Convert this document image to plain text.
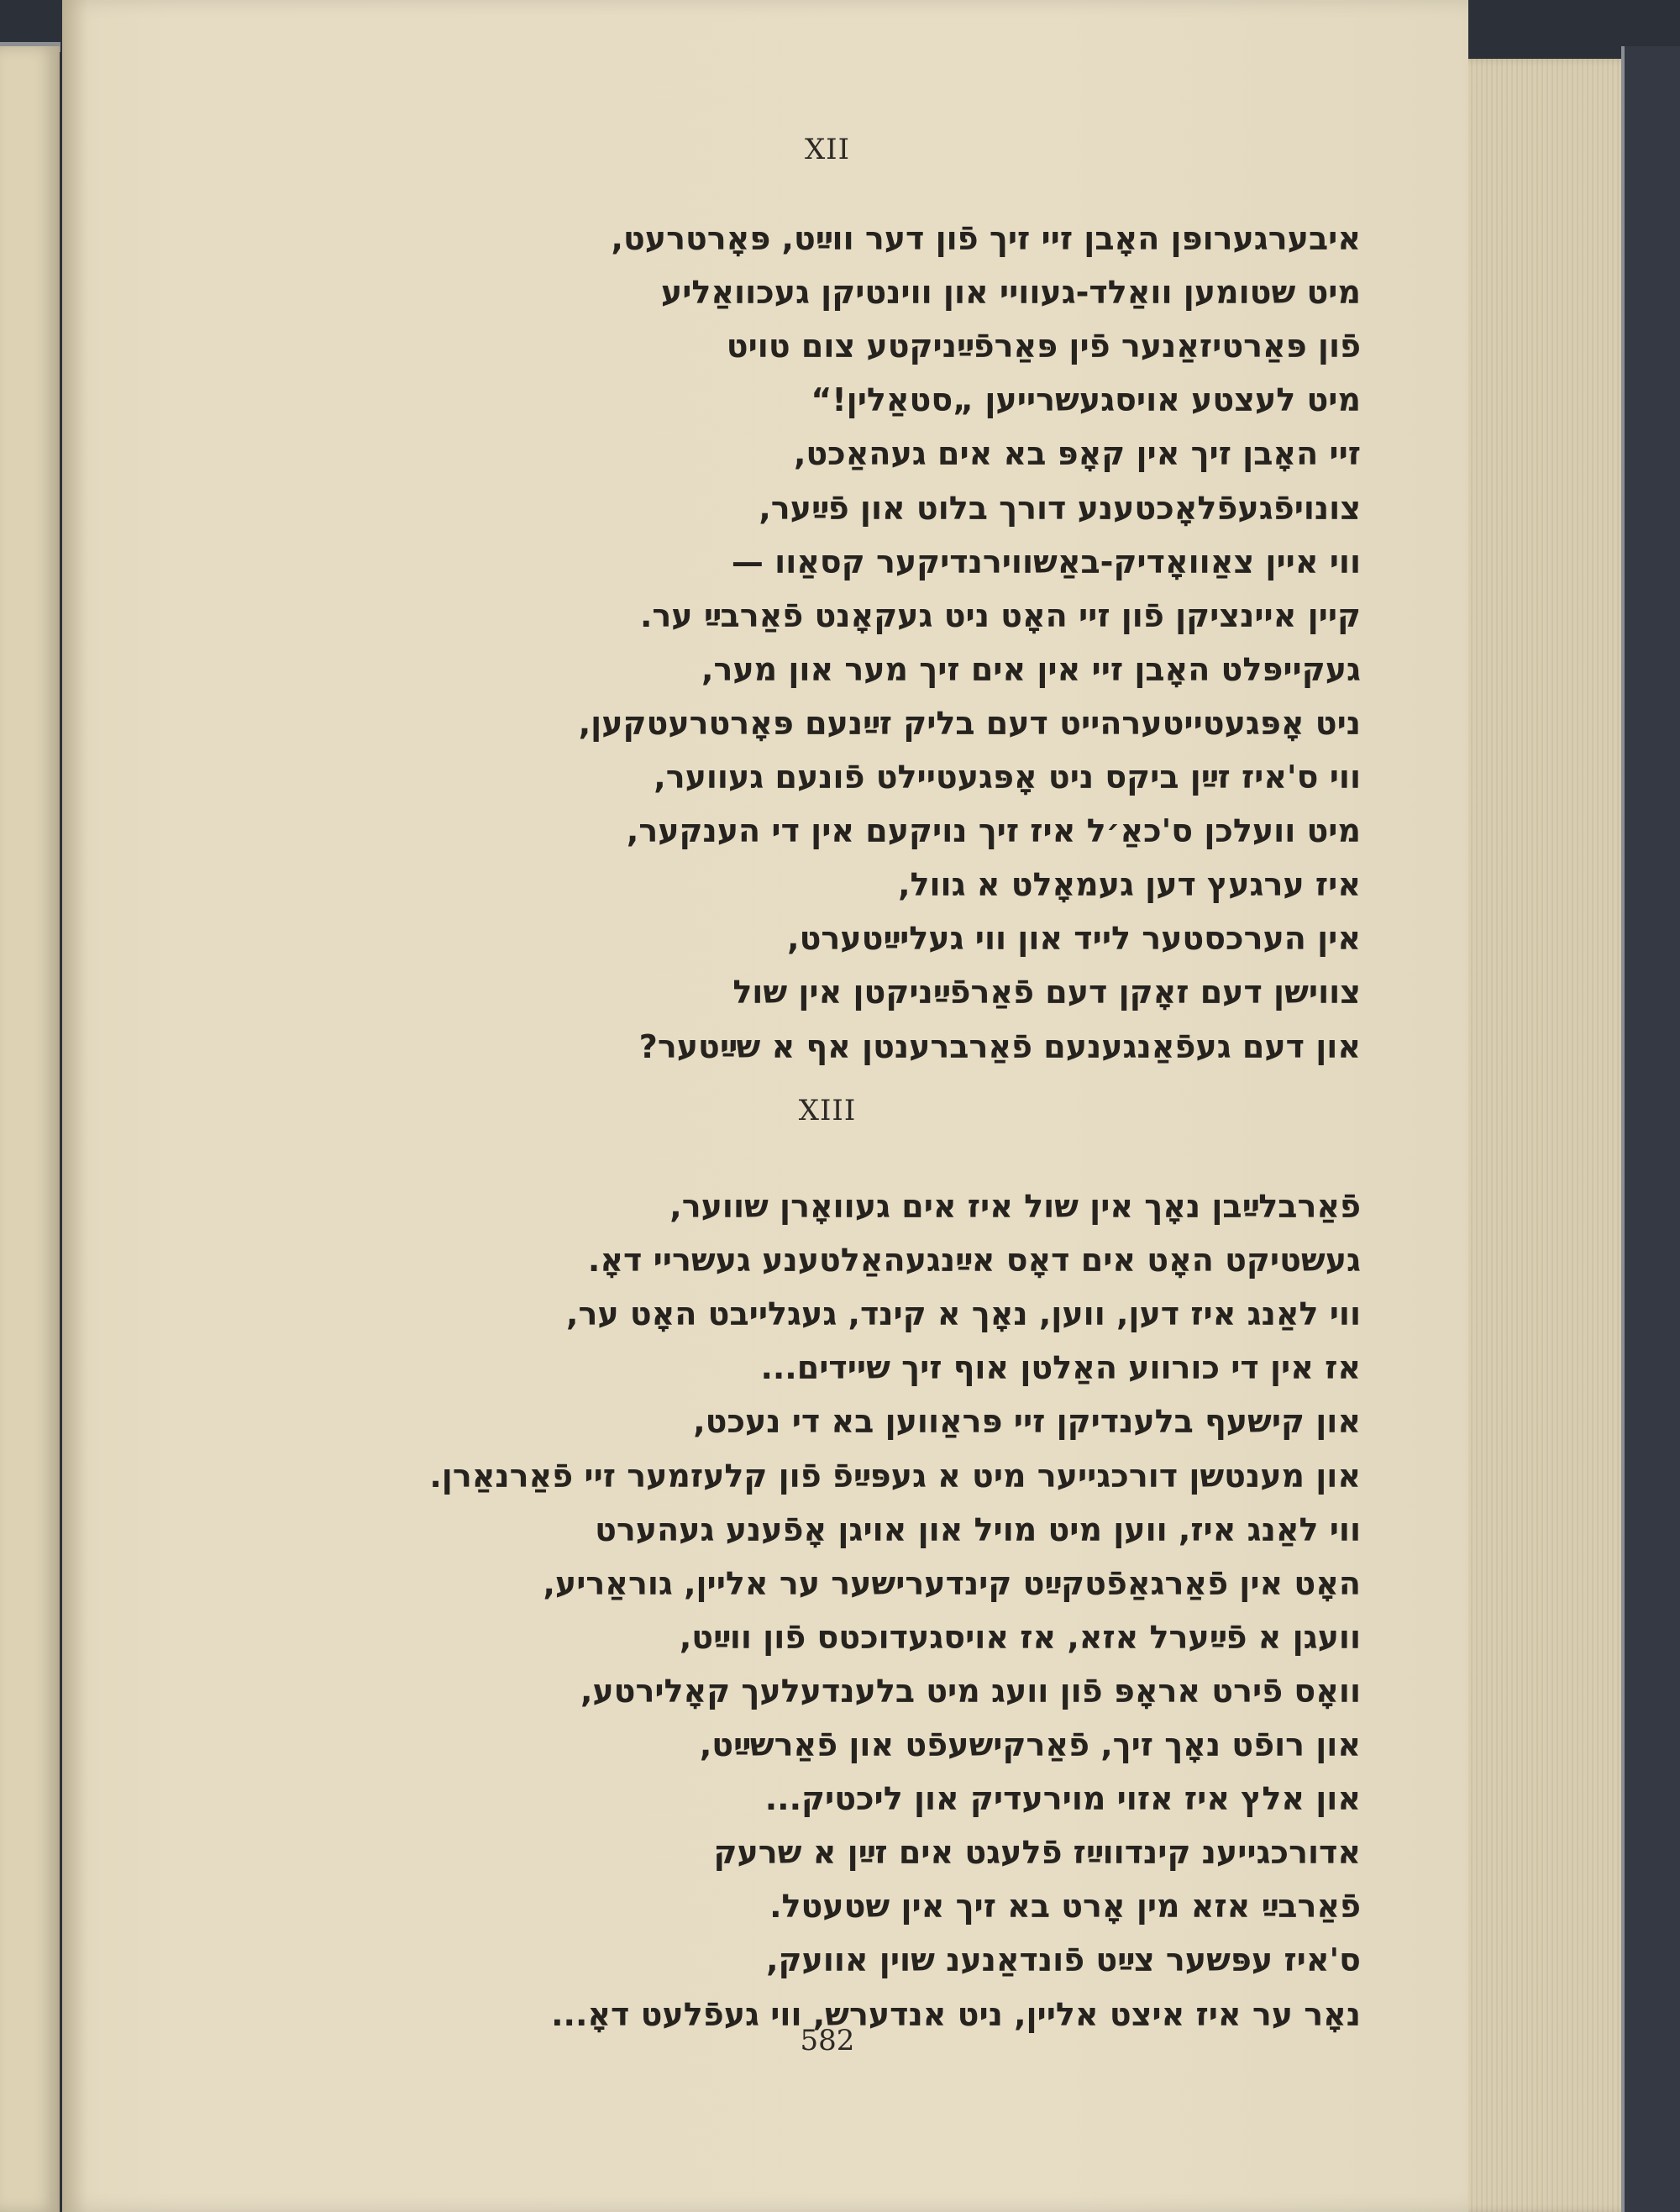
XII
איבערגערופּן האָבן זיי זיך פֿון דער ווײַט, פּאָרטרעט,
מיט שטומען וואַלד-געוויי און ווינטיקן געכוואַליע
פֿון פּאַרטיזאַנער פֿין פּאַרפֿײַניקטע צום טויט
מיט לעצטע אויסגעשרייען „סטאַלין!“
זיי האָבן זיך אין קאָפּ בא אים געהאַכט,
צונויפֿגעפֿלאָכטענע דורך בלוט און פֿײַער,
ווי איין צאַוואָדיק-באַשווירנדיקער קסאַוו —
קיין איינציקן פֿון זיי האָט ניט געקאָנט פֿאַרבײַ ער.
געקייפּלט האָבן זיי אין אים זיך מער און מער,
ניט אָפּגעטייטערהייט דעם בליק זײַנעם פּאָרטרעטקען,
ווי ס'איז זײַן ביקס ניט אָפּגעטיילט פֿונעם געווער,
מיט וועלכן ס'כאַ׳ל איז זיך נויקעם אין די הענקער,
איז ערגעץ דען געמאָלט א גוול,
אין הערכסטער לייד און ווי געליײַטערט,
צווישן דעם זאָקן דעם פֿאַרפֿײַניקטן אין שול
און דעם געפֿאַנגענעם פֿאַרברענטן אף א שײַטער?
XIII
פֿאַרבלײַבן נאָך אין שול איז אים געוואָרן שווער,
געשטיקט האָט אים דאָס אײַנגעהאַלטענע געשריי דאָ.
ווי לאַנג איז דען, ווען, נאָך א קינד, געגלייבט האָט ער,
אז אין די כורווע האַלטן אוף זיך שיידים...
און קישעף בלענדיקן זיי פּראַווען בא די נעכט,
און מענטשן דורכגייער מיט א געפּײַפֿ פֿון קלעזמער זיי פֿאַרנאַרן.
ווי לאַנג איז, ווען מיט מויל און אויגן אָפֿענע געהערט
האָט אין פֿאַרגאַפֿטקײַט קינדערישער ער אליין, גוראַריע,
וועגן א פֿײַערל אזא, אז אויסגעדוכטס פֿון ווײַט,
וואָס פֿירט אראָפּ פֿון וועג מיט בלענדעלעך קאָלירטע,
און רופֿט נאָך זיך, פֿאַרקישעפֿט און פֿאַרשײַט,
און אלץ איז אזוי מוירעדיק און ליכטיק...
אדורכגייענ קינדווײַז פֿלעגט אים זײַן א שרעק
פֿאַרבײַ אזא מין אָרט בא זיך אין שטעטל.
ס'איז עפּשער צײַט פֿונדאַנענ שוין אוועק,
נאָר ער איז איצט אליין, ניט אנדערש, ווי געפֿלעט דאָ...
582
